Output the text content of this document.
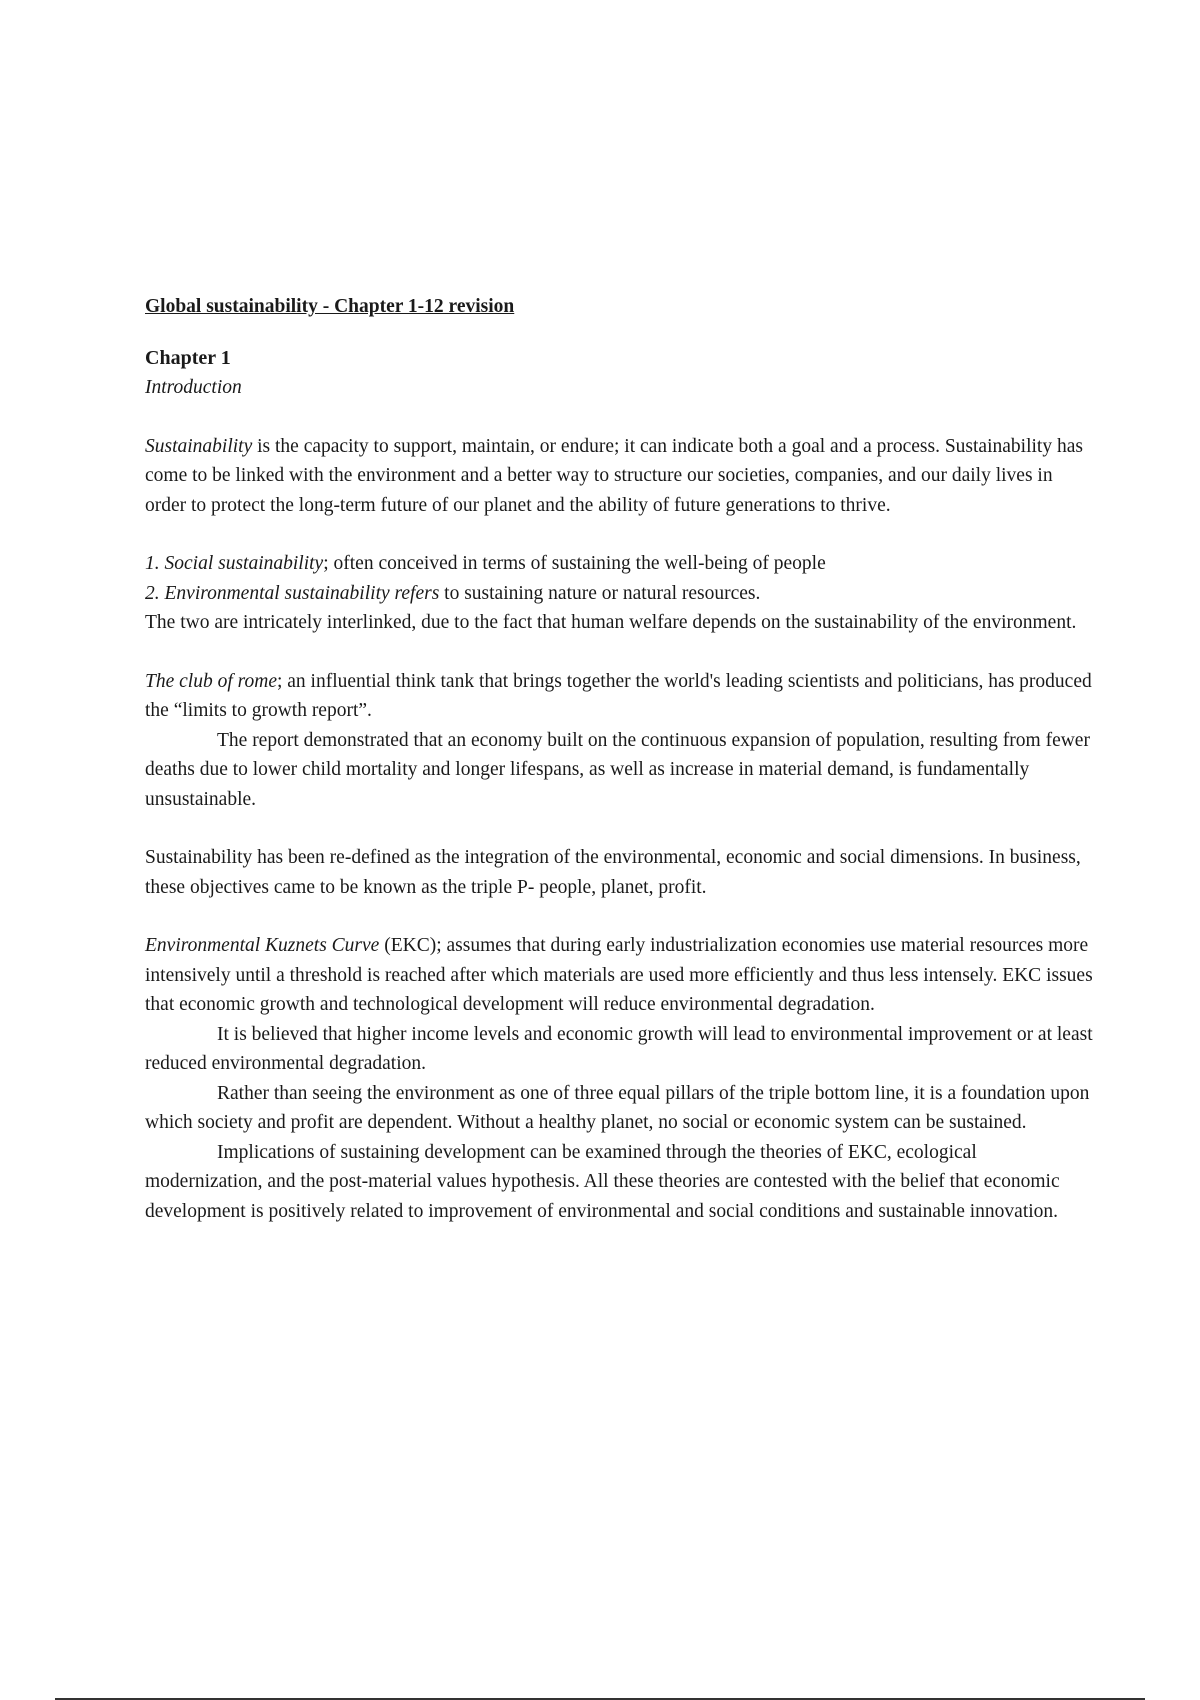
Global sustainability - Chapter 1-12 revision

Chapter 1

Introduction

Sustainability is the capacity to support, maintain, or endure; it can indicate both a goal and a process. Sustainability has come to be linked with the environment and a better way to structure our societies, companies, and our daily lives in order to protect the long-term future of our planet and the ability of future generations to thrive.

1. Social sustainability; often conceived in terms of sustaining the well-being of people

2. Environmental sustainability refers to sustaining nature or natural resources.

The two are intricately interlinked, due to the fact that human welfare depends on the sustainability of the environment.

The club of rome; an influential think tank that brings together the world's leading scientists and politicians, has produced the “limits to growth report”.

The report demonstrated that an economy built on the continuous expansion of population, resulting from fewer deaths due to lower child mortality and longer lifespans, as well as increase in material demand, is fundamentally unsustainable.

Sustainability has been re-defined as the integration of the environmental, economic and social dimensions. In business, these objectives came to be known as the triple P- people, planet, profit.

Environmental Kuznets Curve (EKC); assumes that during early industrialization economies use material resources more intensively until a threshold is reached after which materials are used more efficiently and thus less intensely. EKC issues that economic growth and technological development will reduce environmental degradation.

It is believed that higher income levels and economic growth will lead to environmental improvement or at least reduced environmental degradation.

Rather than seeing the environment as one of three equal pillars of the triple bottom line, it is a foundation upon which society and profit are dependent. Without a healthy planet, no social or economic system can be sustained.

Implications of sustaining development can be examined through the theories of EKC, ecological modernization, and the post-material values hypothesis. All these theories are contested with the belief that economic development is positively related to improvement of environmental and social conditions and sustainable innovation.
